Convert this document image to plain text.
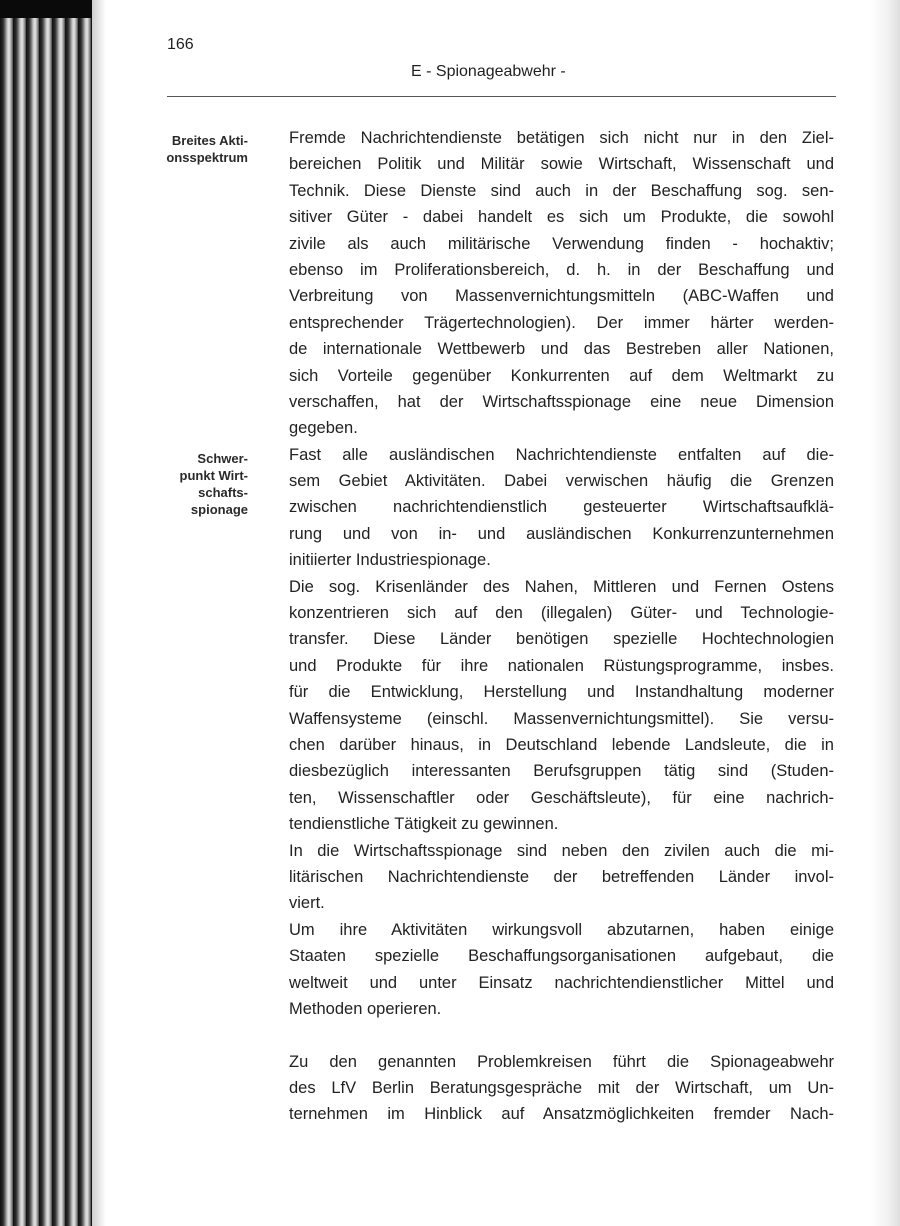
166
E - Spionageabwehr -
Breites Akti-
onsspektrum
Schwer-
punkt Wirt-
schafts-
spionage
Fremde Nachrichtendienste betätigen sich nicht nur in den Ziel-
bereichen Politik und Militär sowie Wirtschaft, Wissenschaft und
Technik. Diese Dienste sind auch in der Beschaffung sog. sen-
sitiver Güter - dabei handelt es sich um Produkte, die sowohl
zivile als auch militärische Verwendung finden - hochaktiv;
ebenso im Proliferationsbereich, d. h. in der Beschaffung und
Verbreitung von Massenvernichtungsmitteln (ABC-Waffen und
entsprechender Trägertechnologien). Der immer härter werden-
de internationale Wettbewerb und das Bestreben aller Nationen,
sich Vorteile gegenüber Konkurrenten auf dem Weltmarkt zu
verschaffen, hat der Wirtschaftsspionage eine neue Dimension
gegeben.
Fast alle ausländischen Nachrichtendienste entfalten auf die-
sem Gebiet Aktivitäten. Dabei verwischen häufig die Grenzen
zwischen nachrichtendienstlich gesteuerter Wirtschaftsaufklä-
rung und von in- und ausländischen Konkurrenzunternehmen
initiierter Industriespionage.
Die sog. Krisenländer des Nahen, Mittleren und Fernen Ostens
konzentrieren sich auf den (illegalen) Güter- und Technologie-
transfer. Diese Länder benötigen spezielle Hochtechnologien
und Produkte für ihre nationalen Rüstungsprogramme, insbes.
für die Entwicklung, Herstellung und Instandhaltung moderner
Waffensysteme (einschl. Massenvernichtungsmittel). Sie versu-
chen darüber hinaus, in Deutschland lebende Landsleute, die in
diesbezüglich interessanten Berufsgruppen tätig sind (Studen-
ten, Wissenschaftler oder Geschäftsleute), für eine nachrich-
tendienstliche Tätigkeit zu gewinnen.
In die Wirtschaftsspionage sind neben den zivilen auch die mi-
litärischen Nachrichtendienste der betreffenden Länder invol-
viert.
Um ihre Aktivitäten wirkungsvoll abzutarnen, haben einige
Staaten spezielle Beschaffungsorganisationen aufgebaut, die
weltweit und unter Einsatz nachrichtendienstlicher Mittel und
Methoden operieren.
Zu den genannten Problemkreisen führt die Spionageabwehr
des LfV Berlin Beratungsgespräche mit der Wirtschaft, um Un-
ternehmen im Hinblick auf Ansatzmöglichkeiten fremder Nach-
